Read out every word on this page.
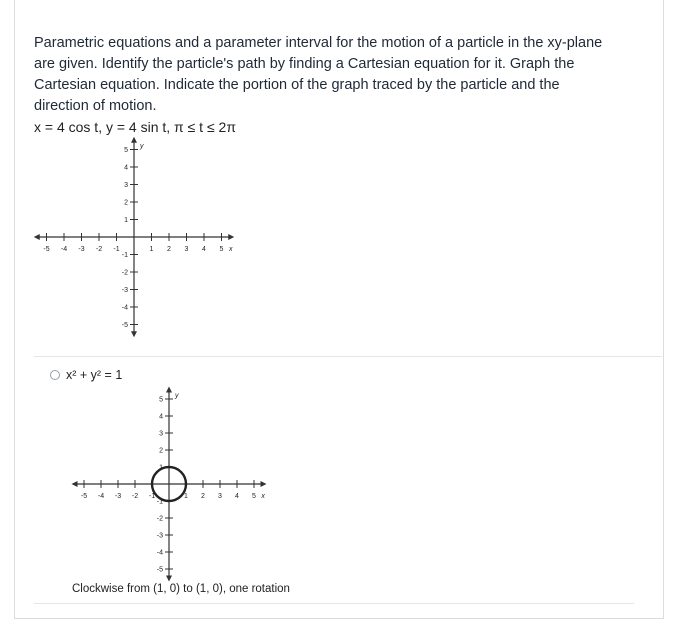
Parametric equations and a parameter interval for the motion of a particle in the xy-plane are given. Identify the particle's path by finding a Cartesian equation for it. Graph the Cartesian equation. Indicate the portion of the graph traced by the particle and the direction of motion.
x = 4 cos t, y = 4 sin t, π ≤ t ≤ 2π
-5 -4 -3 -2 -1	1 2 3 4 5
5
4
3
2
1
-1
-2
-3
-4
-5
x
y
x² + y² = 1
-5 -4 -3 -2 -1	1 2 3 4 5
5
4
3
2
1
-1
-2
-3
-4
-5
x
y
Clockwise from (1, 0) to (1, 0), one rotation
